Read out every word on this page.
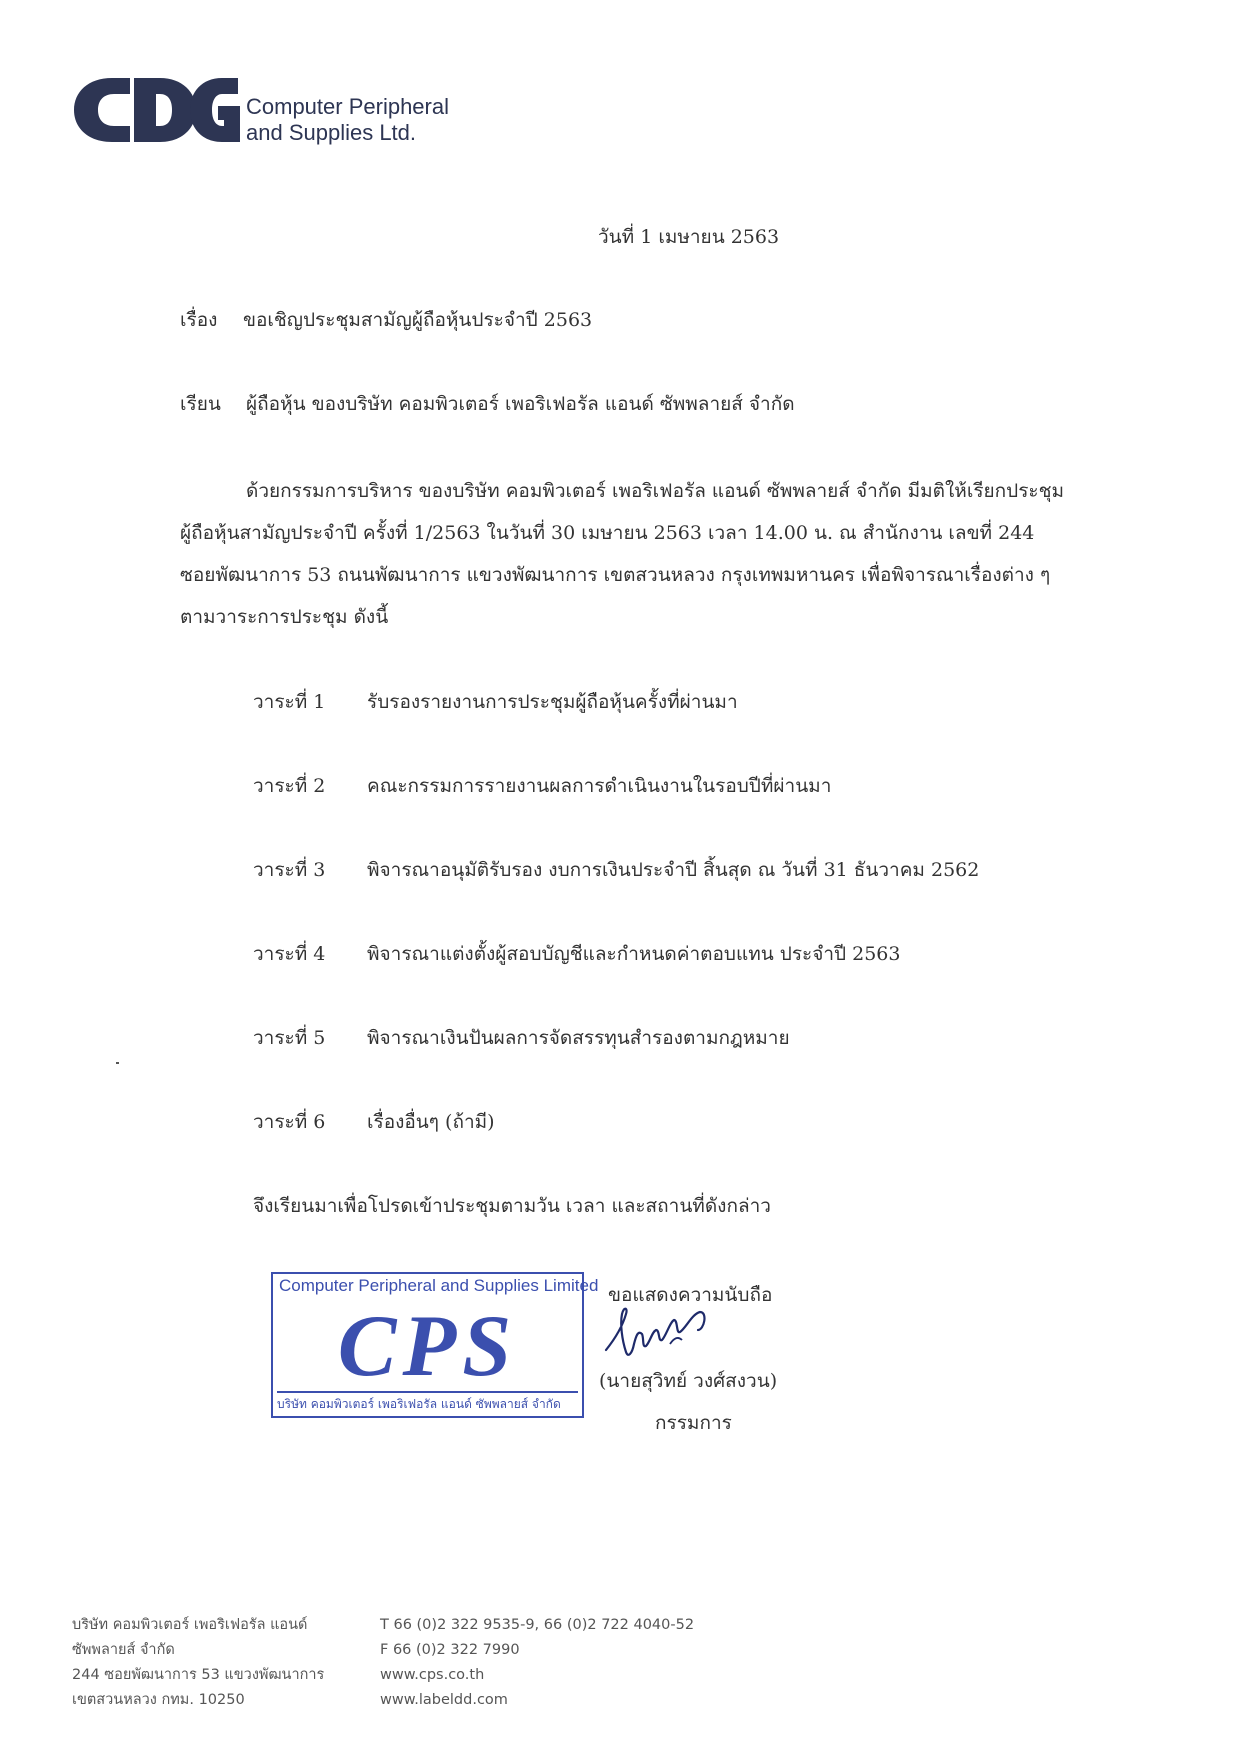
Computer Peripheral
and Supplies Ltd.
วันที่ 1 เมษายน 2563
เรื่อง ขอเชิญประชุมสามัญผู้ถือหุ้นประจำปี 2563
เรียน ผู้ถือหุ้น ของบริษัท คอมพิวเตอร์ เพอริเฟอรัล แอนด์ ซัพพลายส์ จำกัด
ด้วยกรรมการบริหาร ของบริษัท คอมพิวเตอร์ เพอริเฟอรัล แอนด์ ซัพพลายส์ จำกัด มีมติให้เรียกประชุม
ผู้ถือหุ้นสามัญประจำปี ครั้งที่ 1/2563 ในวันที่ 30 เมษายน 2563 เวลา 14.00 น. ณ สำนักงาน เลขที่ 244
ซอยพัฒนาการ 53 ถนนพัฒนาการ แขวงพัฒนาการ เขตสวนหลวง กรุงเทพมหานคร เพื่อพิจารณาเรื่องต่าง ๆ
ตามวาระการประชุม ดังนี้
วาระที่ 1 รับรองรายงานการประชุมผู้ถือหุ้นครั้งที่ผ่านมา
วาระที่ 2 คณะกรรมการรายงานผลการดำเนินงานในรอบปีที่ผ่านมา
วาระที่ 3 พิจารณาอนุมัติรับรอง งบการเงินประจำปี สิ้นสุด ณ วันที่ 31 ธันวาคม 2562
วาระที่ 4 พิจารณาแต่งตั้งผู้สอบบัญชีและกำหนดค่าตอบแทน ประจำปี 2563
วาระที่ 5 พิจารณาเงินปันผลการจัดสรรทุนสำรองตามกฎหมาย
วาระที่ 6 เรื่องอื่นๆ (ถ้ามี)
จึงเรียนมาเพื่อโปรดเข้าประชุมตามวัน เวลา และสถานที่ดังกล่าว
Computer Peripheral and Supplies Limited
CPS
บริษัท คอมพิวเตอร์ เพอริเฟอรัล แอนด์ ซัพพลายส์ จำกัด
ขอแสดงความนับถือ
(นายสุวิทย์ วงศ์สงวน)
กรรมการ
บริษัท คอมพิวเตอร์ เพอริเฟอรัล แอนด์
ซัพพลายส์ จำกัด
244 ซอยพัฒนาการ 53 แขวงพัฒนาการ
เขตสวนหลวง กทม. 10250
T 66 (0)2 322 9535-9, 66 (0)2 722 4040-52
F 66 (0)2 322 7990
www.cps.co.th
www.labeldd.com
